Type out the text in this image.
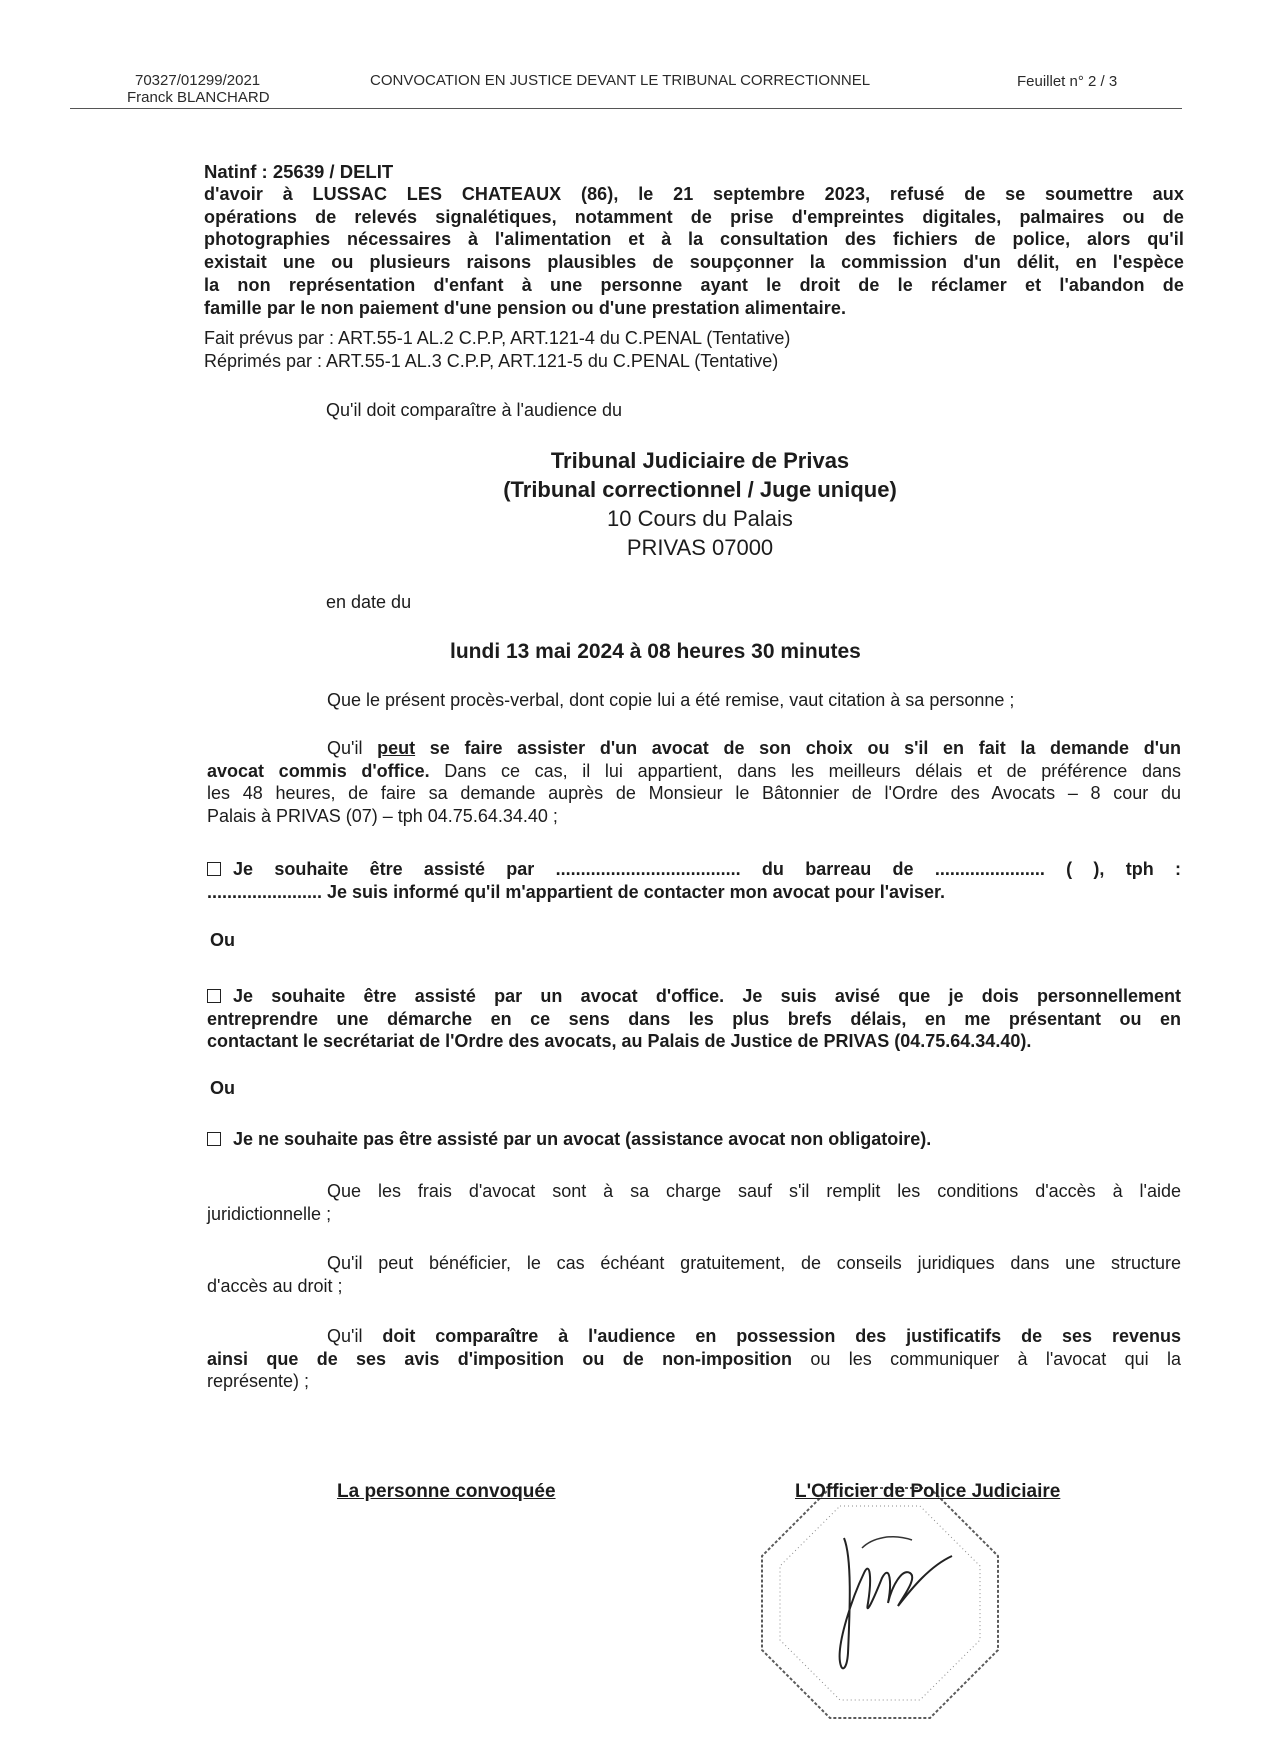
70327/01299/2021
Franck BLANCHARD
CONVOCATION EN JUSTICE DEVANT LE TRIBUNAL CORRECTIONNEL	Feuillet n° 2 / 3
Natinf : 25639 / DELIT
d'avoir à LUSSAC LES CHATEAUX (86), le 21 septembre 2023, refusé de se soumettre aux
opérations de relevés signalétiques, notamment de prise d'empreintes digitales, palmaires ou de
photographies nécessaires à l'alimentation et à la consultation des fichiers de police, alors qu'il
existait une ou plusieurs raisons plausibles de soupçonner la commission d'un délit, en l'espèce
la non représentation d'enfant à une personne ayant le droit de le réclamer et l'abandon de
famille par le non paiement d'une pension ou d'une prestation alimentaire.
Fait prévus par : ART.55-1 AL.2 C.P.P, ART.121-4 du C.PENAL (Tentative)
Réprimés par : ART.55-1 AL.3 C.P.P, ART.121-5 du C.PENAL (Tentative)
Qu'il doit comparaître à l'audience du
Tribunal Judiciaire de Privas
(Tribunal correctionnel / Juge unique)
10 Cours du Palais
PRIVAS 07000
en date du
lundi 13 mai 2024 à 08 heures 30 minutes
Que le présent procès-verbal, dont copie lui a été remise, vaut citation à sa personne ;
Qu'il peut se faire assister d'un avocat de son choix ou s'il en fait la demande d'un
avocat commis d'office. Dans ce cas, il lui appartient, dans les meilleurs délais et de préférence dans
les 48 heures, de faire sa demande auprès de Monsieur le Bâtonnier de l'Ordre des Avocats – 8 cour du
Palais à PRIVAS (07) – tph 04.75.64.34.40 ;
Je souhaite être assisté par ..................................... du barreau de ...................... ( ), tph :
....................... Je suis informé qu'il m'appartient de contacter mon avocat pour l'aviser.
Ou
Je souhaite être assisté par un avocat d'office. Je suis avisé que je dois personnellement
entreprendre une démarche en ce sens dans les plus brefs délais, en me présentant ou en
contactant le secrétariat de l'Ordre des avocats, au Palais de Justice de PRIVAS (04.75.64.34.40).
Ou
Je ne souhaite pas être assisté par un avocat (assistance avocat non obligatoire).
Que les frais d'avocat sont à sa charge sauf s'il remplit les conditions d'accès à l'aide
juridictionnelle ;
Qu'il peut bénéficier, le cas échéant gratuitement, de conseils juridiques dans une structure
d'accès au droit ;
Qu'il doit comparaître à l'audience en possession des justificatifs de ses revenus
ainsi que de ses avis d'imposition ou de non-imposition ou les communiquer à l'avocat qui la
représente) ;
La personne convoquée	L'Officier de Police Judiciaire
